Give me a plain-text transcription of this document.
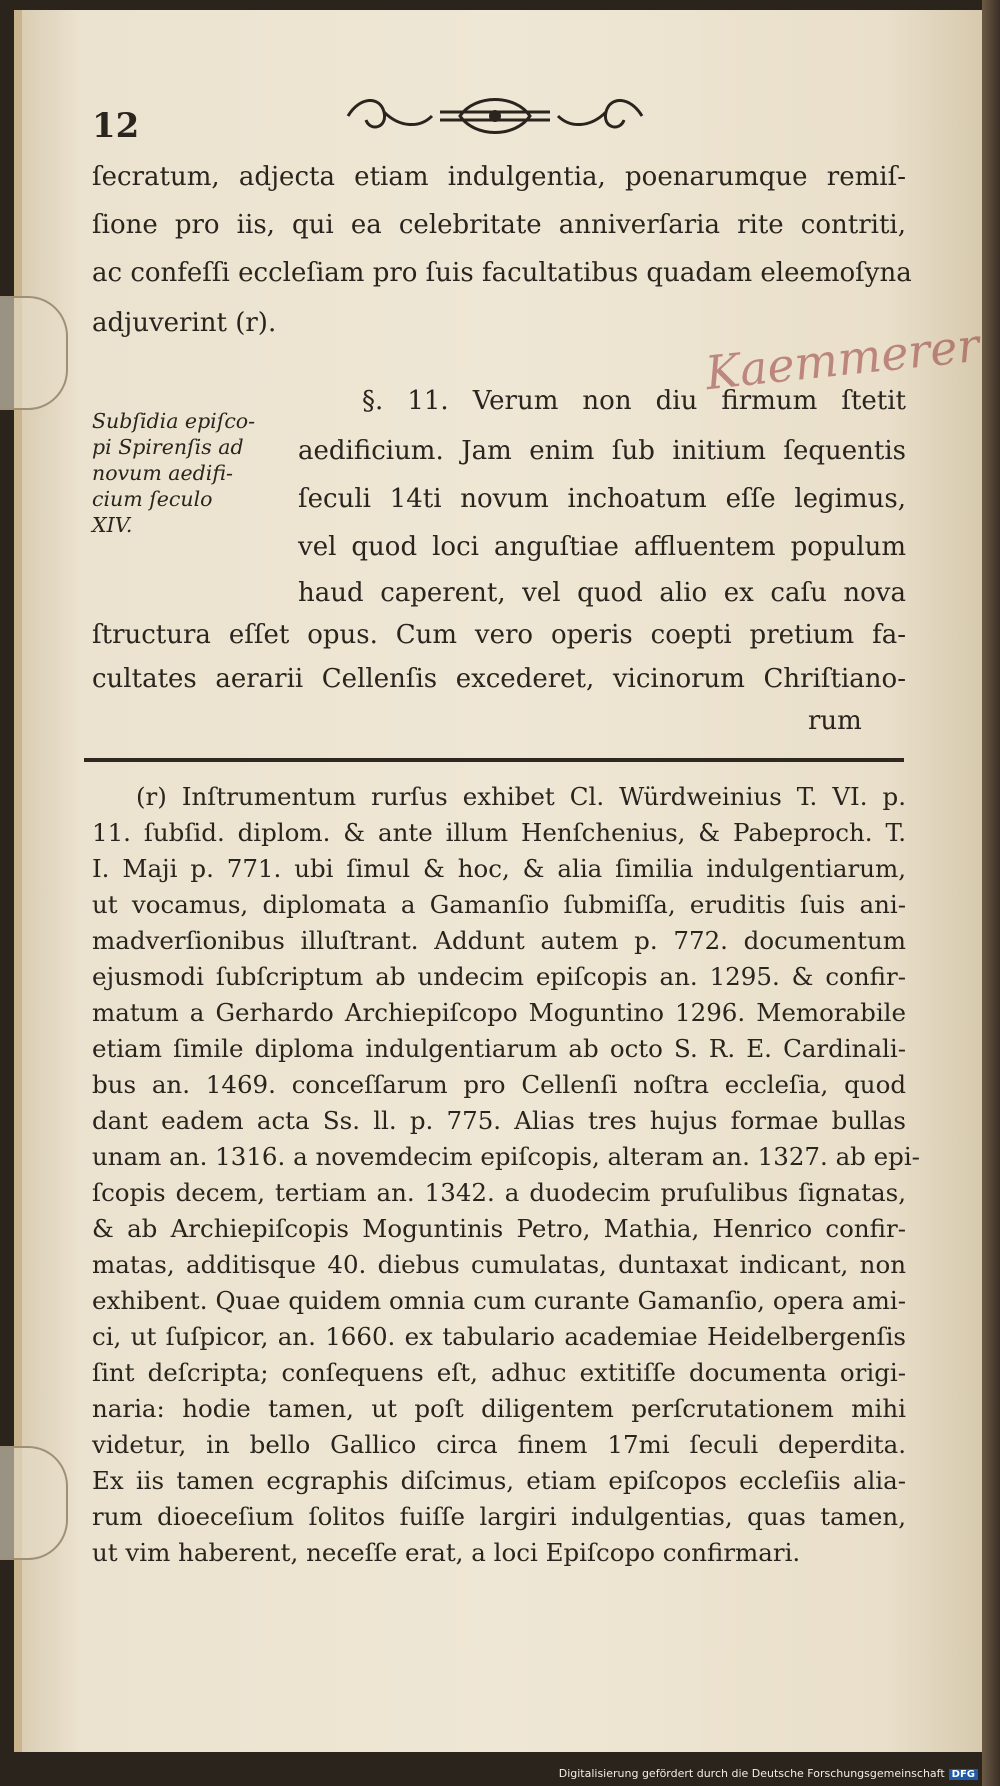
12
Kaemmerer
ſecratum, adjecta etiam indulgentia, poenarumque remiſ-
ſione pro iis, qui ea celebritate anniverſaria rite contriti,
ac confeſſi eccleſiam pro ſuis facultatibus quadam eleemoſyna
adjuverint (r).
§. 11. Verum non diu firmum ſtetit
aedificium. Jam enim ſub initium ſequentis
ſeculi 14ti novum inchoatum eſſe legimus,
vel quod loci anguſtiae affluentem populum
haud caperent, vel quod alio ex caſu nova
ſtructura eſſet opus. Cum vero operis coepti pretium fa-
cultates aerarii Cellenſis excederet, vicinorum Chriſtiano-
rum
Subſidia epiſco-
pi Spirenſis ad
novum aedifi-
cium ſeculo
XIV.
(r) Inſtrumentum rurſus exhibet Cl. Würdweinius T. VI. p.
11. ſubſid. diplom. & ante illum Henſchenius, & Pabeproch. T.
I. Maji p. 771. ubi ſimul & hoc, & alia ſimilia indulgentiarum,
ut vocamus, diplomata a Gamanſio ſubmiſſa, eruditis ſuis ani-
madverſionibus illuſtrant. Addunt autem p. 772. documentum
ejusmodi ſubſcriptum ab undecim epiſcopis an. 1295. & confir-
matum a Gerhardo Archiepiſcopo Moguntino 1296. Memorabile
etiam ſimile diploma indulgentiarum ab octo S. R. E. Cardinali-
bus an. 1469. conceſſarum pro Cellenſi noſtra eccleſia, quod
dant eadem acta Ss. ll. p. 775. Alias tres hujus formae bullas
unam an. 1316. a novemdecim epiſcopis, alteram an. 1327. ab epi-
ſcopis decem, tertiam an. 1342. a duodecim pruſulibus ſignatas,
& ab Archiepiſcopis Moguntinis Petro, Mathia, Henrico confir-
matas, additisque 40. diebus cumulatas, duntaxat indicant, non
exhibent. Quae quidem omnia cum curante Gamanſio, opera ami-
ci, ut ſuſpicor, an. 1660. ex tabulario academiae Heidelbergenſis
ſint deſcripta; conſequens eſt, adhuc extitiſſe documenta origi-
naria: hodie tamen, ut poſt diligentem perſcrutationem mihi
videtur, in bello Gallico circa finem 17mi ſeculi deperdita.
Ex iis tamen ecgraphis diſcimus, etiam epiſcopos eccleſiis alia-
rum dioeceſium ſolitos fuiſſe largiri indulgentias, quas tamen,
ut vim haberent, neceſſe erat, a loci Epiſcopo confirmari.
Digitalisierung gefördert durch die Deutsche Forschungsgemeinschaft DFG
